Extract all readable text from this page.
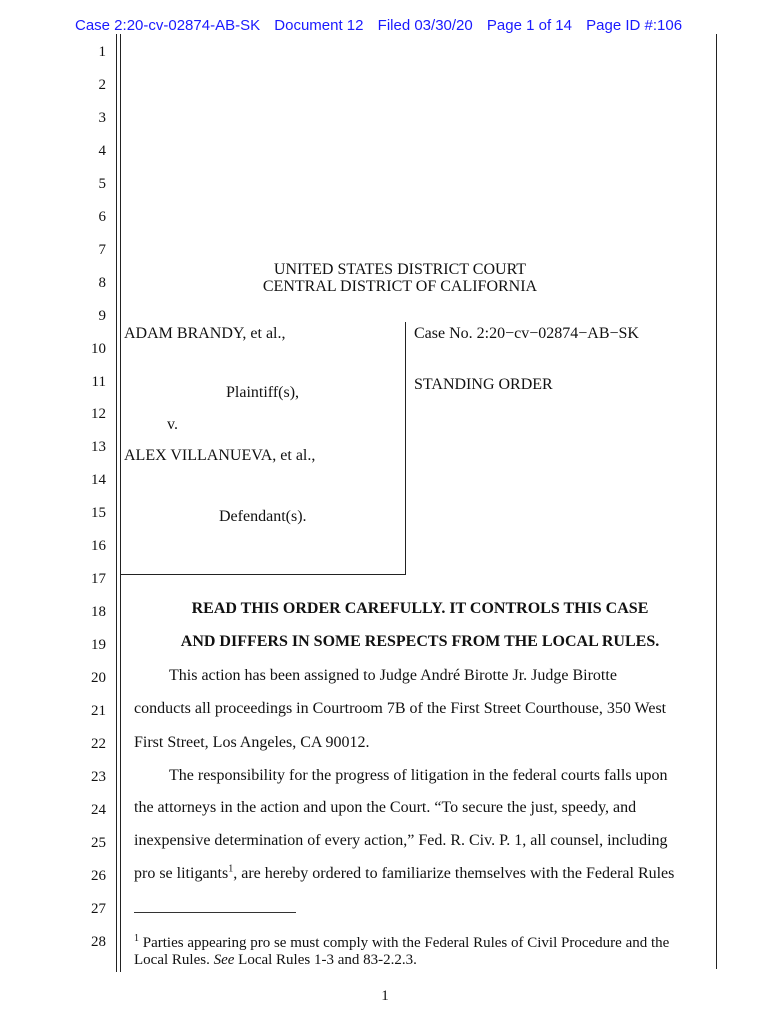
Case 2:20-cv-02874-AB-SK Document 12 Filed 03/30/20 Page 1 of 14 Page ID #:106
1
2
3
4
5
6
7
8
9
10
11
12
13
14
15
16
17
18
19
20
21
22
23
24
25
26
27
28
UNITED STATES DISTRICT COURT
CENTRAL DISTRICT OF CALIFORNIA
ADAM BRANDY, et al.,
Plaintiff(s),
v.
ALEX VILLANUEVA, et al.,
Defendant(s).
Case No. 2:20−cv−02874−AB−SK
STANDING ORDER
READ THIS ORDER CAREFULLY. IT CONTROLS THIS CASE
AND DIFFERS IN SOME RESPECTS FROM THE LOCAL RULES.
This action has been assigned to Judge André Birotte Jr. Judge Birotte
conducts all proceedings in Courtroom 7B of the First Street Courthouse, 350 West
First Street, Los Angeles, CA 90012.
The responsibility for the progress of litigation in the federal courts falls upon
the attorneys in the action and upon the Court. “To secure the just, speedy, and
inexpensive determination of every action,” Fed. R. Civ. P. 1, all counsel, including
pro se litigants$^1$, are hereby ordered to familiarize themselves with the Federal Rules
$^1$ Parties appearing pro se must comply with the Federal Rules of Civil Procedure and the Local Rules. See Local Rules 1-3 and 83-2.2.3.
1
